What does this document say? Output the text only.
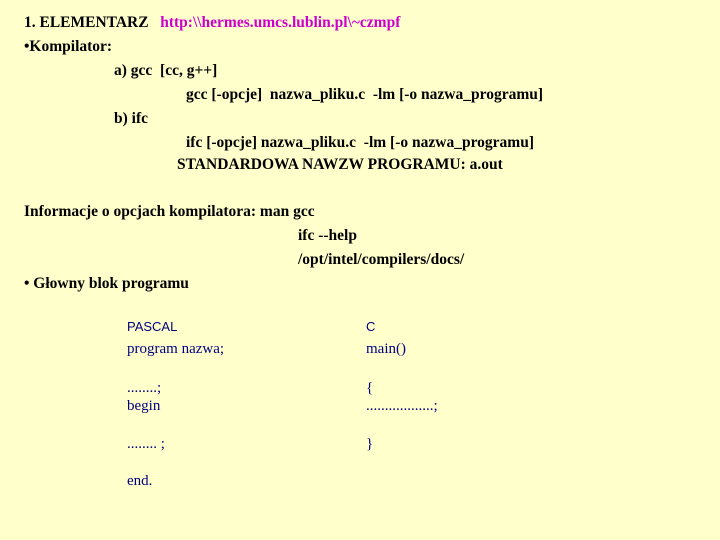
1. ELEMENTARZ http:\\hermes.umcs.lublin.pl\~czmpf
•Kompilator:
a) gcc  [cc, g++]
gcc [-opcje]  nazwa_pliku.c  -lm [-o nazwa_programu]
b) ifc
ifc [-opcje] nazwa_pliku.c  -lm [-o nazwa_programu]
STANDARDOWA NAWZW PROGRAMU: a.out
Informacje o opcjach kompilatora: man gcc
ifc --help
/opt/intel/compilers/docs/
• Głowny blok programu
PASCAL
program nazwa;
........;
begin
........ ;
end.
C
main()
{
..................;
}
